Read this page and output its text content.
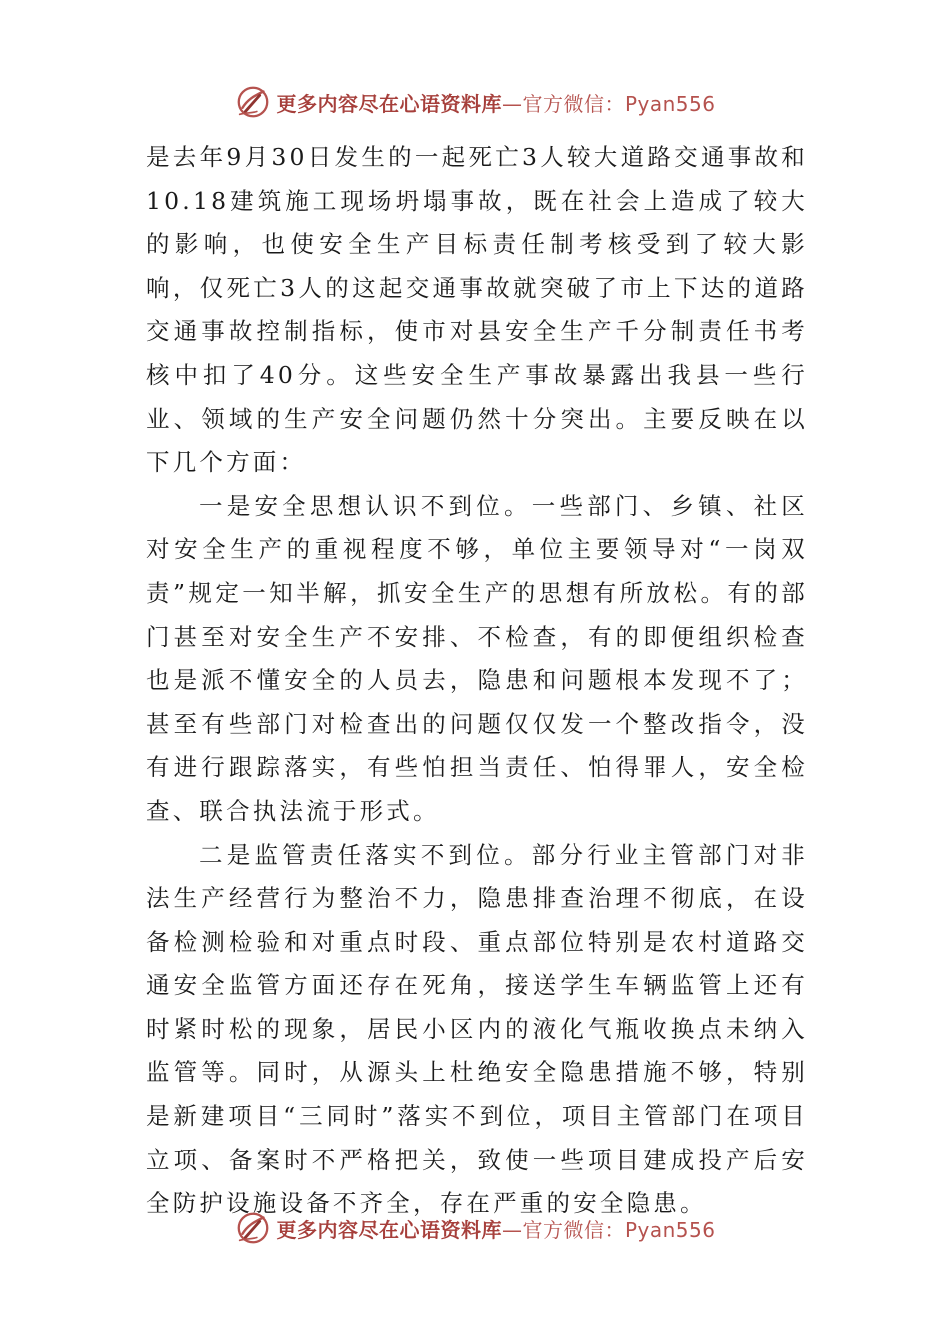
更多内容尽在心语资料库—官方微信：Pyan556

是去年9月30日发生的一起死亡3人较大道路交通事故和10.18建筑施工现场坍塌事故，既在社会上造成了较大的影响，也使安全生产目标责任制考核受到了较大影响，仅死亡3人的这起交通事故就突破了市上下达的道路交通事故控制指标，使市对县安全生产千分制责任书考核中扣了40分。这些安全生产事故暴露出我县一些行业、领域的生产安全问题仍然十分突出。主要反映在以下几个方面：

一是安全思想认识不到位。一些部门、乡镇、社区对安全生产的重视程度不够，单位主要领导对“一岗双责”规定一知半解，抓安全生产的思想有所放松。有的部门甚至对安全生产不安排、不检查，有的即便组织检查也是派不懂安全的人员去，隐患和问题根本发现不了；甚至有些部门对检查出的问题仅仅发一个整改指令，没有进行跟踪落实，有些怕担当责任、怕得罪人，安全检查、联合执法流于形式。

二是监管责任落实不到位。部分行业主管部门对非法生产经营行为整治不力，隐患排查治理不彻底，在设备检测检验和对重点时段、重点部位特别是农村道路交通安全监管方面还存在死角，接送学生车辆监管上还有时紧时松的现象，居民小区内的液化气瓶收换点未纳入监管等。同时，从源头上杜绝安全隐患措施不够，特别是新建项目“三同时”落实不到位，项目主管部门在项目立项、备案时不严格把关，致使一些项目建成投产后安全防护设施设备不齐全，存在严重的安全隐患。

更多内容尽在心语资料库—官方微信：Pyan556
